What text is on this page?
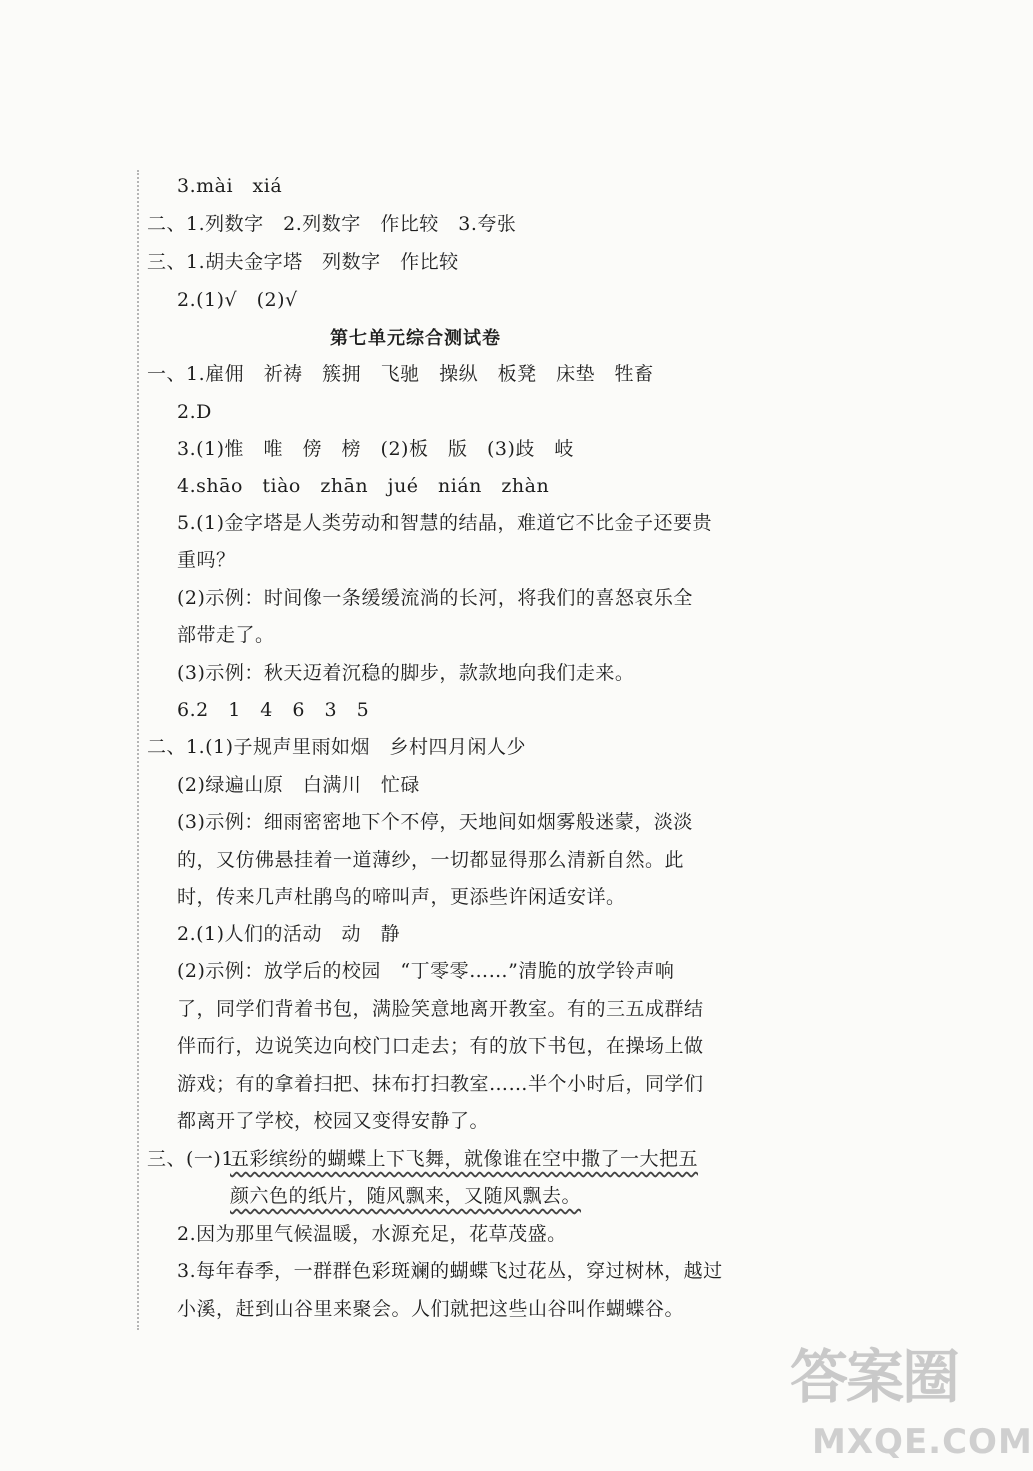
3.mài　xiá
二、1.列数字　2.列数字　作比较　3.夸张
三、1.胡夫金字塔　列数字　作比较
2.(1)√　(2)√
第七单元综合测试卷
一、1.雇佣　祈祷　簇拥　飞驰　操纵　板凳　床垫　牲畜
2.D
3.(1)惟　唯　傍　榜　(2)板　版　(3)歧　岐
4.shāo　tiào　zhān　jué　nián　zhàn
5.(1)金字塔是人类劳动和智慧的结晶，难道它不比金子还要贵
重吗？
(2)示例：时间像一条缓缓流淌的长河，将我们的喜怒哀乐全
部带走了。
(3)示例：秋天迈着沉稳的脚步，款款地向我们走来。
6.2　1　4　6　3　5
二、1.(1)子规声里雨如烟　乡村四月闲人少
(2)绿遍山原　白满川　忙碌
(3)示例：细雨密密地下个不停，天地间如烟雾般迷蒙，淡淡
的，又仿佛悬挂着一道薄纱，一切都显得那么清新自然。此
时，传来几声杜鹃鸟的啼叫声，更添些许闲适安详。
2.(1)人们的活动　动　静
(2)示例：放学后的校园　“丁零零……”清脆的放学铃声响
了，同学们背着书包，满脸笑意地离开教室。有的三五成群结
伴而行，边说笑边向校门口走去；有的放下书包，在操场上做
游戏；有的拿着扫把、抹布打扫教室……半个小时后，同学们
都离开了学校，校园又变得安静了。
三、(一)1.
五彩缤纷的蝴蝶上下飞舞，就像谁在空中撒了一大把五
颜六色的纸片，随风飘来，又随风飘去。
2.因为那里气候温暖，水源充足，花草茂盛。
3.每年春季，一群群色彩斑斓的蝴蝶飞过花丛，穿过树林，越过
小溪，赶到山谷里来聚会。人们就把这些山谷叫作蝴蝶谷。
答案圈
MXQE.COM
